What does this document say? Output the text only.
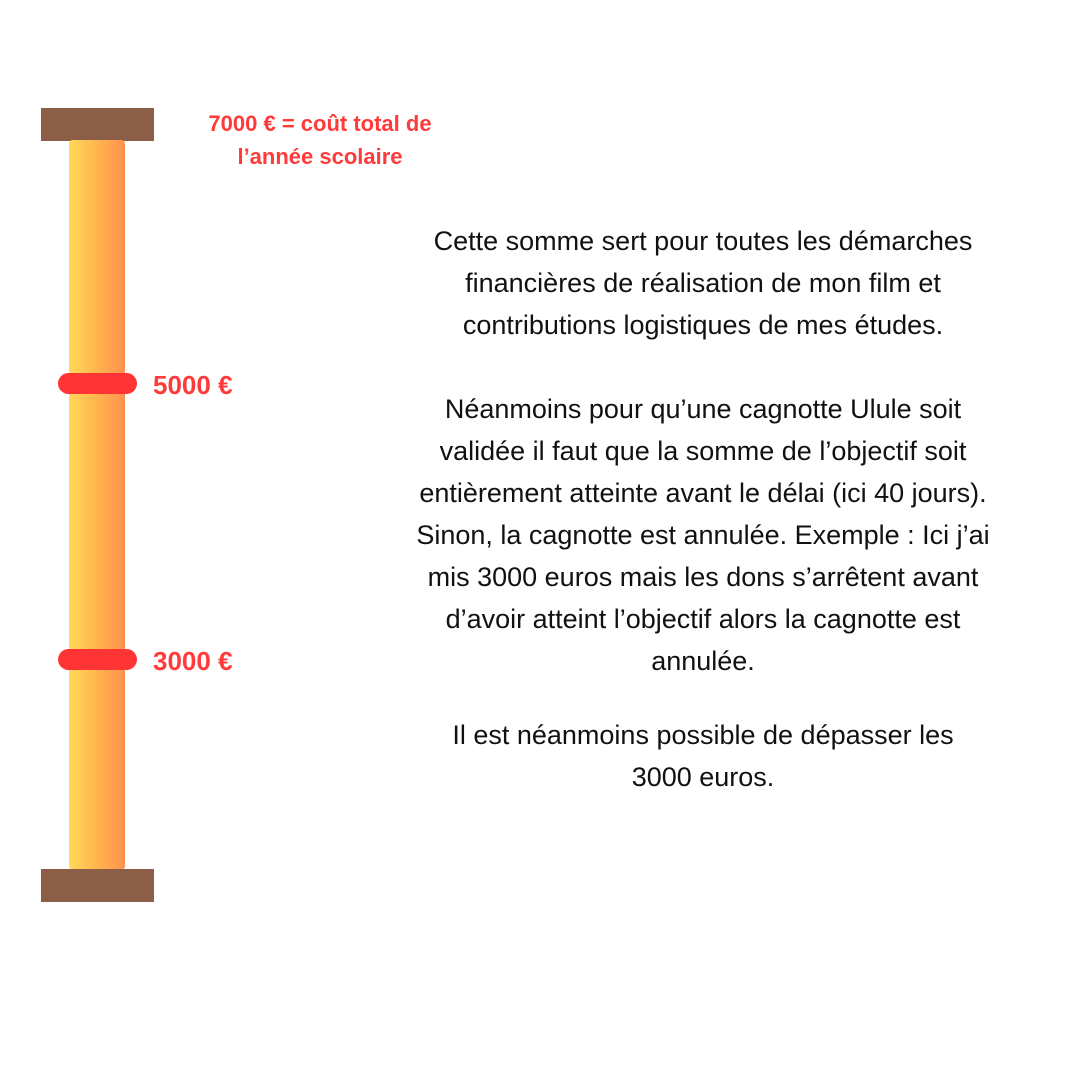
7000 € = coût total de
l’année scolaire
5000 €
3000 €

Cette somme sert pour toutes les démarches
financières de réalisation de mon film et
contributions logistiques de mes études.

Néanmoins pour qu’une cagnotte Ulule soit
validée il faut que la somme de l’objectif soit
entièrement atteinte avant le délai (ici 40 jours).
Sinon, la cagnotte est annulée. Exemple : Ici j’ai
mis 3000 euros mais les dons s’arrêtent avant
d’avoir atteint l’objectif alors la cagnotte est
annulée.

Il est néanmoins possible de dépasser les
3000 euros.
